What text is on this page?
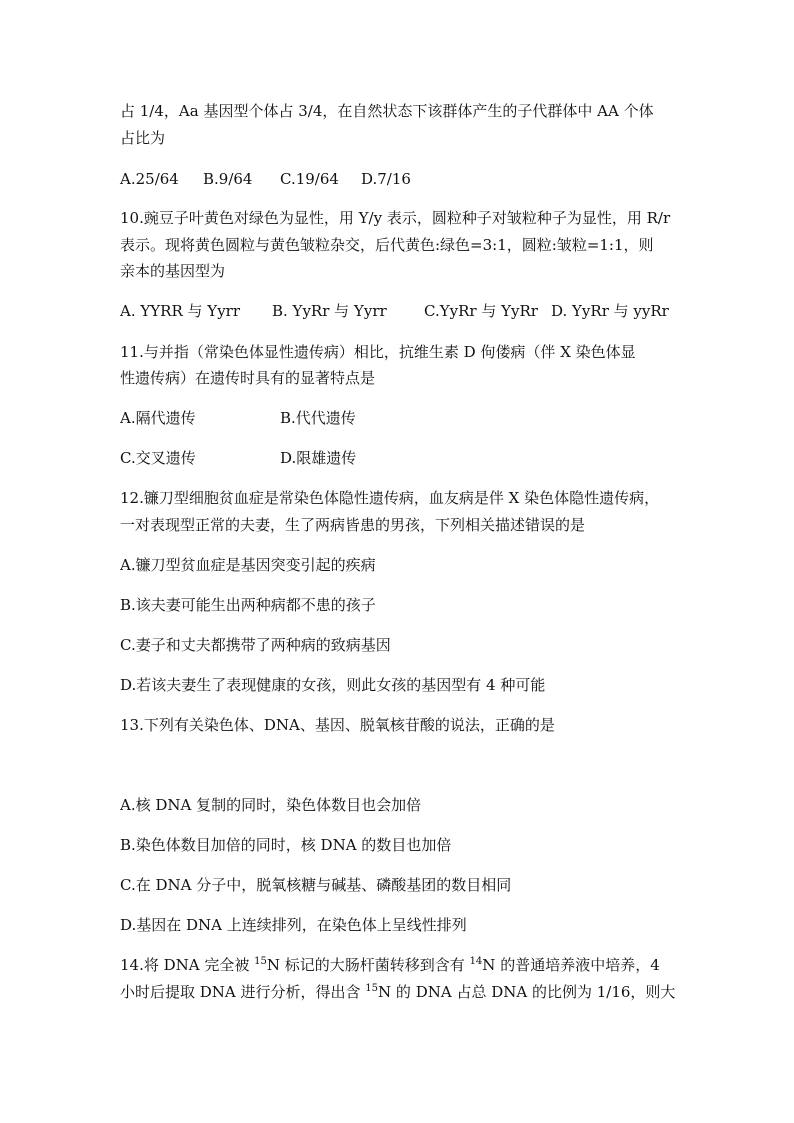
占 1/4，Aa 基因型个体占 3/4，在自然状态下该群体产生的子代群体中 AA 个体
占比为
A.25/64 B.9/64 C.19/64 D.7/16
10.豌豆子叶黄色对绿色为显性，用 Y/y 表示，圆粒种子对皱粒种子为显性，用 R/r
表示。现将黄色圆粒与黄色皱粒杂交，后代黄色:绿色=3:1，圆粒:皱粒=1:1，则
亲本的基因型为
A. YYRR 与 Yyrr B. YyRr 与 Yyrr C.YyRr 与 YyRr D. YyRr 与 yyRr
11.与并指（常染色体显性遗传病）相比，抗维生素 D 佝偻病（伴 X 染色体显
性遗传病）在遗传时具有的显著特点是
A.隔代遗传	B.代代遗传
C.交叉遗传	D.限雄遗传
12.镰刀型细胞贫血症是常染色体隐性遗传病，血友病是伴 X 染色体隐性遗传病，
一对表现型正常的夫妻，生了两病皆患的男孩，下列相关描述错误的是
A.镰刀型贫血症是基因突变引起的疾病
B.该夫妻可能生出两种病都不患的孩子
C.妻子和丈夫都携带了两种病的致病基因
D.若该夫妻生了表现健康的女孩，则此女孩的基因型有 4 种可能
13.下列有关染色体、DNA、基因、脱氧核苷酸的说法，正确的是
A.核 DNA 复制的同时，染色体数目也会加倍
B.染色体数目加倍的同时，核 DNA 的数目也加倍
C.在 DNA 分子中，脱氧核糖与碱基、磷酸基团的数目相同
D.基因在 DNA 上连续排列，在染色体上呈线性排列
14.将 DNA 完全被 $^{15}$N 标记的大肠杆菌转移到含有 $^{14}$N 的普通培养液中培养，4
小时后提取 DNA 进行分析，得出含 $^{15}$N 的 DNA 占总 DNA 的比例为 1/16，则大
